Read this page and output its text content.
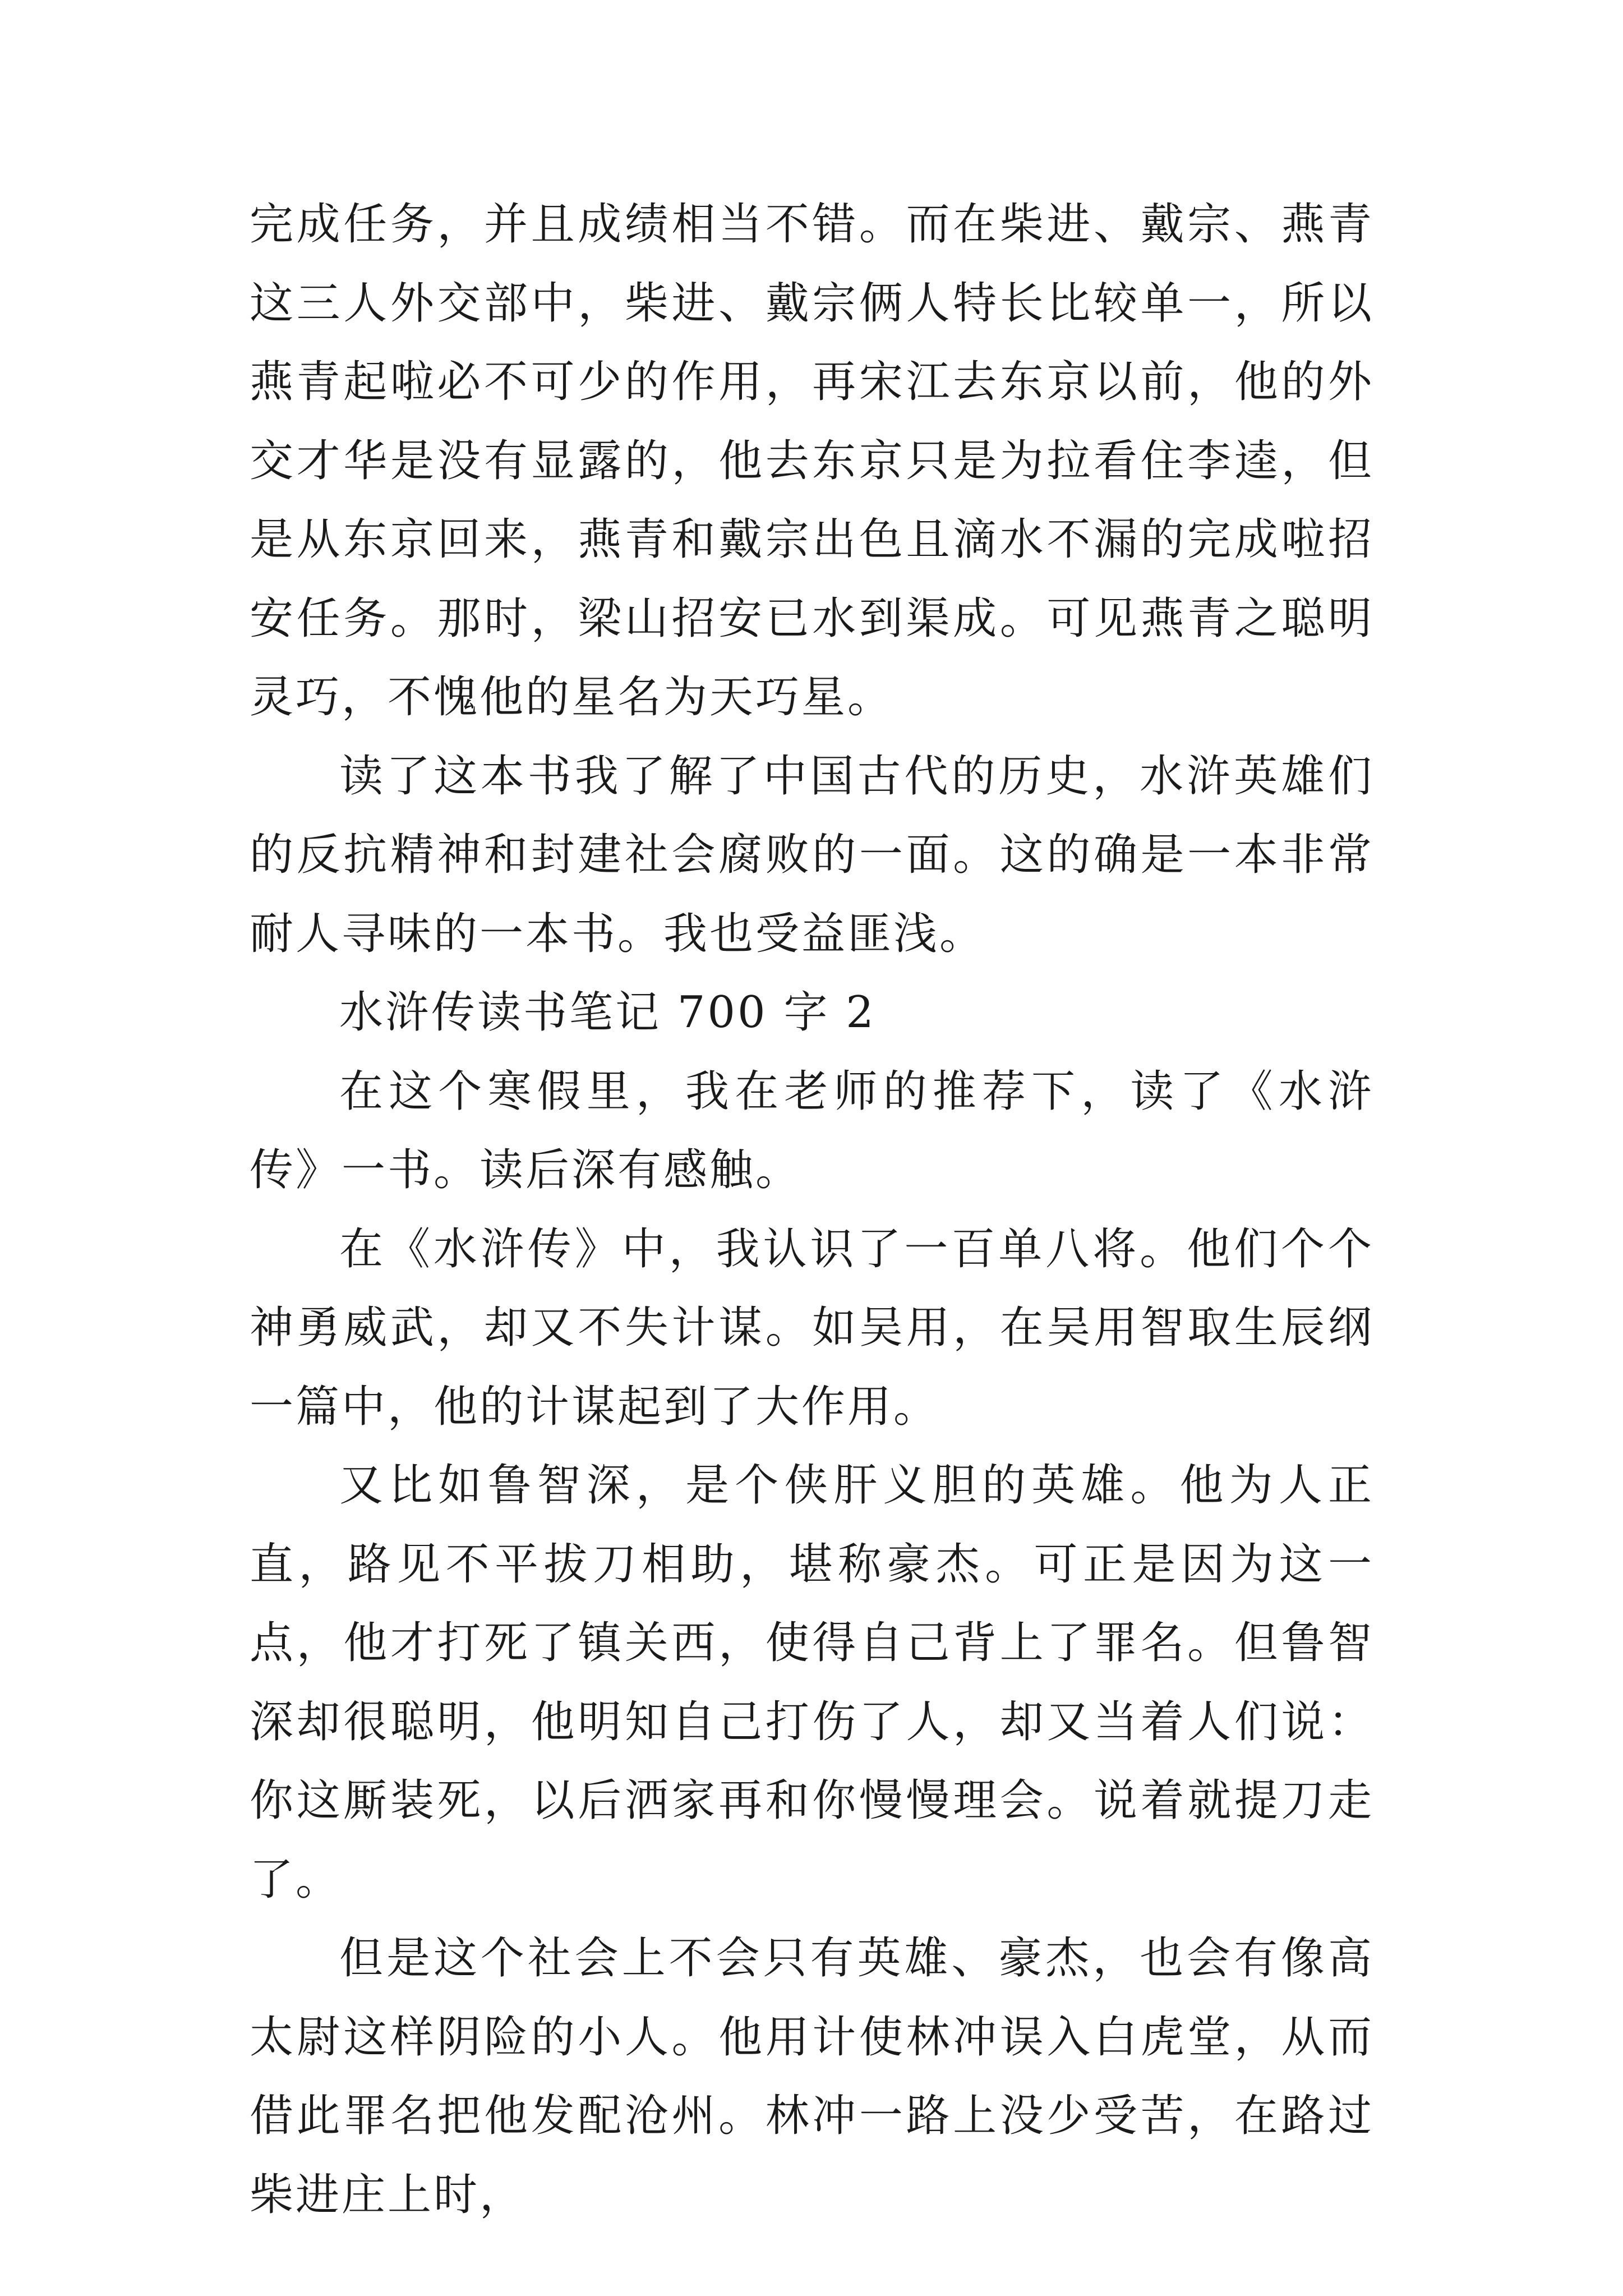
完成任务，并且成绩相当不错。而在柴进、戴宗、燕青这三人外交部中，柴进、戴宗俩人特长比较单一，所以燕青起啦必不可少的作用，再宋江去东京以前，他的外交才华是没有显露的，他去东京只是为拉看住李逵，但是从东京回来，燕青和戴宗出色且滴水不漏的完成啦招安任务。那时，梁山招安已水到渠成。可见燕青之聪明灵巧，不愧他的星名为天巧星。

读了这本书我了解了中国古代的历史，水浒英雄们的反抗精神和封建社会腐败的一面。这的确是一本非常耐人寻味的一本书。我也受益匪浅。

水浒传读书笔记 700 字 2

在这个寒假里，我在老师的推荐下，读了《水浒传》一书。读后深有感触。

在《水浒传》中，我认识了一百单八将。他们个个神勇威武，却又不失计谋。如吴用，在吴用智取生辰纲一篇中，他的计谋起到了大作用。

又比如鲁智深，是个侠肝义胆的英雄。他为人正直，路见不平拔刀相助，堪称豪杰。可正是因为这一点，他才打死了镇关西，使得自己背上了罪名。但鲁智深却很聪明，他明知自己打伤了人，却又当着人们说：你这厮装死，以后洒家再和你慢慢理会。说着就提刀走了。

但是这个社会上不会只有英雄、豪杰，也会有像高太尉这样阴险的小人。他用计使林冲误入白虎堂，从而借此罪名把他发配沧州。林冲一路上没少受苦，在路过柴进庄上时，
